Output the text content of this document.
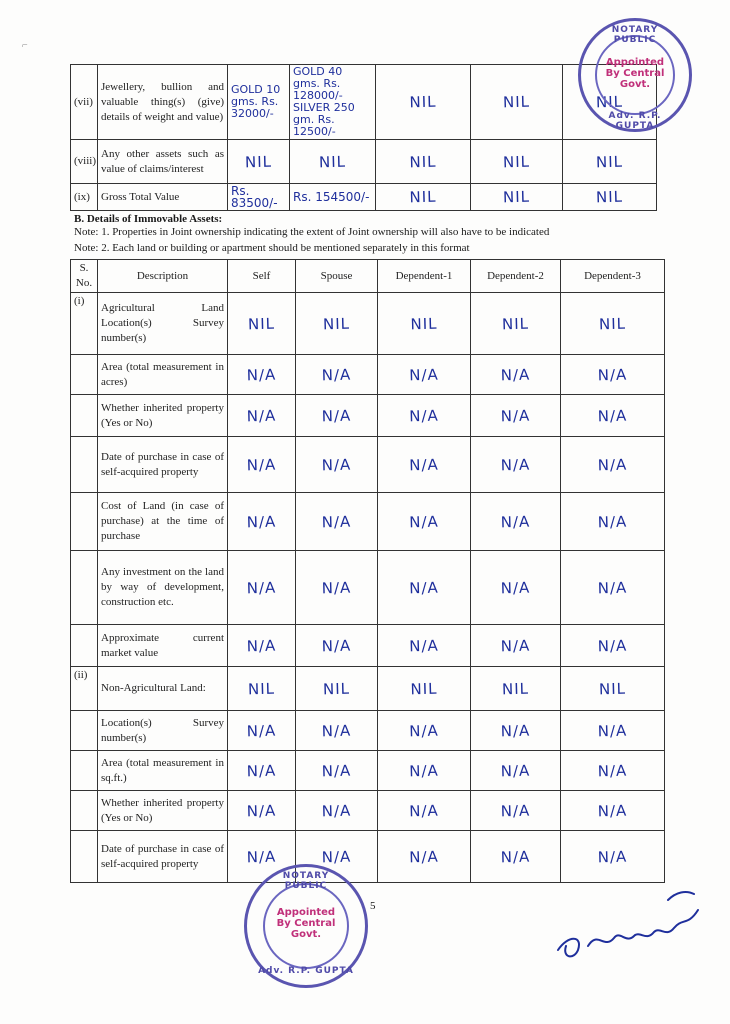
(vii)	Jewellery, bullion and valuable thing(s) (give) details of weight and value)	GOLD 10 gms. Rs. 32000/-	GOLD 40 gms. Rs. 128000/- SILVER 250 gm. Rs. 12500/-	NIL	NIL	NIL

(viii)	Any other assets such as value of claims/interest	NIL	NIL	NIL	NIL	NIL

(ix)	Gross Total Value	Rs. 83500/-	Rs. 154500/-	NIL	NIL	NIL
B. Details of Immovable Assets:
Note: 1. Properties in Joint ownership indicating the extent of Joint ownership will also have to be indicated
Note: 2. Each land or building or apartment should be mentioned separately in this format
S. No.	Description	Self	Spouse	Dependent-1	Dependent-2	Dependent-3
(i)	Agricultural Land Location(s) Survey number(s)	NIL	NIL	NIL	NIL	NIL

	Area (total measurement in acres)	N/A	N/A	N/A	N/A	N/A

	Whether inherited property (Yes or No)	N/A	N/A	N/A	N/A	N/A

	Date of purchase in case of self-acquired property	N/A	N/A	N/A	N/A	N/A

	Cost of Land (in case of purchase) at the time of purchase	N/A	N/A	N/A	N/A	N/A

	Any investment on the land by way of development, construction etc.	N/A	N/A	N/A	N/A	N/A

	Approximate current market value	N/A	N/A	N/A	N/A	N/A

(ii)	Non-Agricultural Land:	NIL	NIL	NIL	NIL	NIL

	Location(s) Survey number(s)	N/A	N/A	N/A	N/A	N/A

	Area (total measurement in sq.ft.)	N/A	N/A	N/A	N/A	N/A

	Whether inherited property (Yes or No)	N/A	N/A	N/A	N/A	N/A

	Date of purchase in case of self-acquired property	N/A	N/A	N/A	N/A	N/A
5
NOTARY PUBLIC
Appointed By Central Govt.
Adv. R.P. GUPTA
NOTARY PUBLIC
Appointed By Central Govt.
Adv. R.P. GUPTA
⌐
